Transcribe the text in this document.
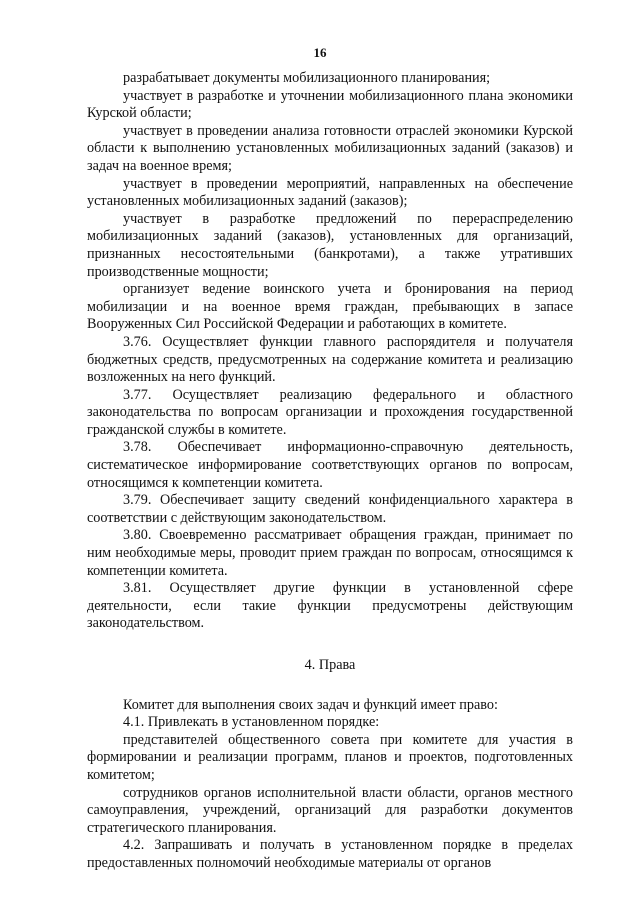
16

разрабатывает документы мобилизационного планирования;

участвует в разработке и уточнении мобилизационного плана экономики Курской области;

участвует в проведении анализа готовности отраслей экономики Курской области к выполнению установленных мобилизационных заданий (заказов) и задач на военное время;

участвует в проведении мероприятий, направленных на обеспечение установленных мобилизационных заданий (заказов);

участвует в разработке предложений по перераспределению мобилизационных заданий (заказов), установленных для организаций, признанных несостоятельными (банкротами), а также утративших производственные мощности;

организует ведение воинского учета и бронирования на период мобилизации и на военное время граждан, пребывающих в запасе Вооруженных Сил Российской Федерации и работающих в комитете.

3.76. Осуществляет функции главного распорядителя и получателя бюджетных средств, предусмотренных на содержание комитета и реализацию возложенных на него функций.

3.77. Осуществляет реализацию федерального и областного законодательства по вопросам организации и прохождения государственной гражданской службы в комитете.

3.78. Обеспечивает информационно-справочную деятельность, систематическое информирование соответствующих органов по вопросам, относящимся к компетенции комитета.

3.79. Обеспечивает защиту сведений конфиденциального характера в соответствии с действующим законодательством.

3.80. Своевременно рассматривает обращения граждан, принимает по ним необходимые меры, проводит прием граждан по вопросам, относящимся к компетенции комитета.

3.81. Осуществляет другие функции в установленной сфере деятельности, если такие функции предусмотрены действующим законодательством.

4. Права

Комитет для выполнения своих задач и функций имеет право:

4.1. Привлекать в установленном порядке:

представителей общественного совета при комитете для участия в формировании и реализации программ, планов и проектов, подготовленных комитетом;

сотрудников органов исполнительной власти области, органов местного самоуправления, учреждений, организаций для разработки документов стратегического планирования.

4.2. Запрашивать и получать в установленном порядке в пределах предоставленных полномочий необходимые материалы от органов
